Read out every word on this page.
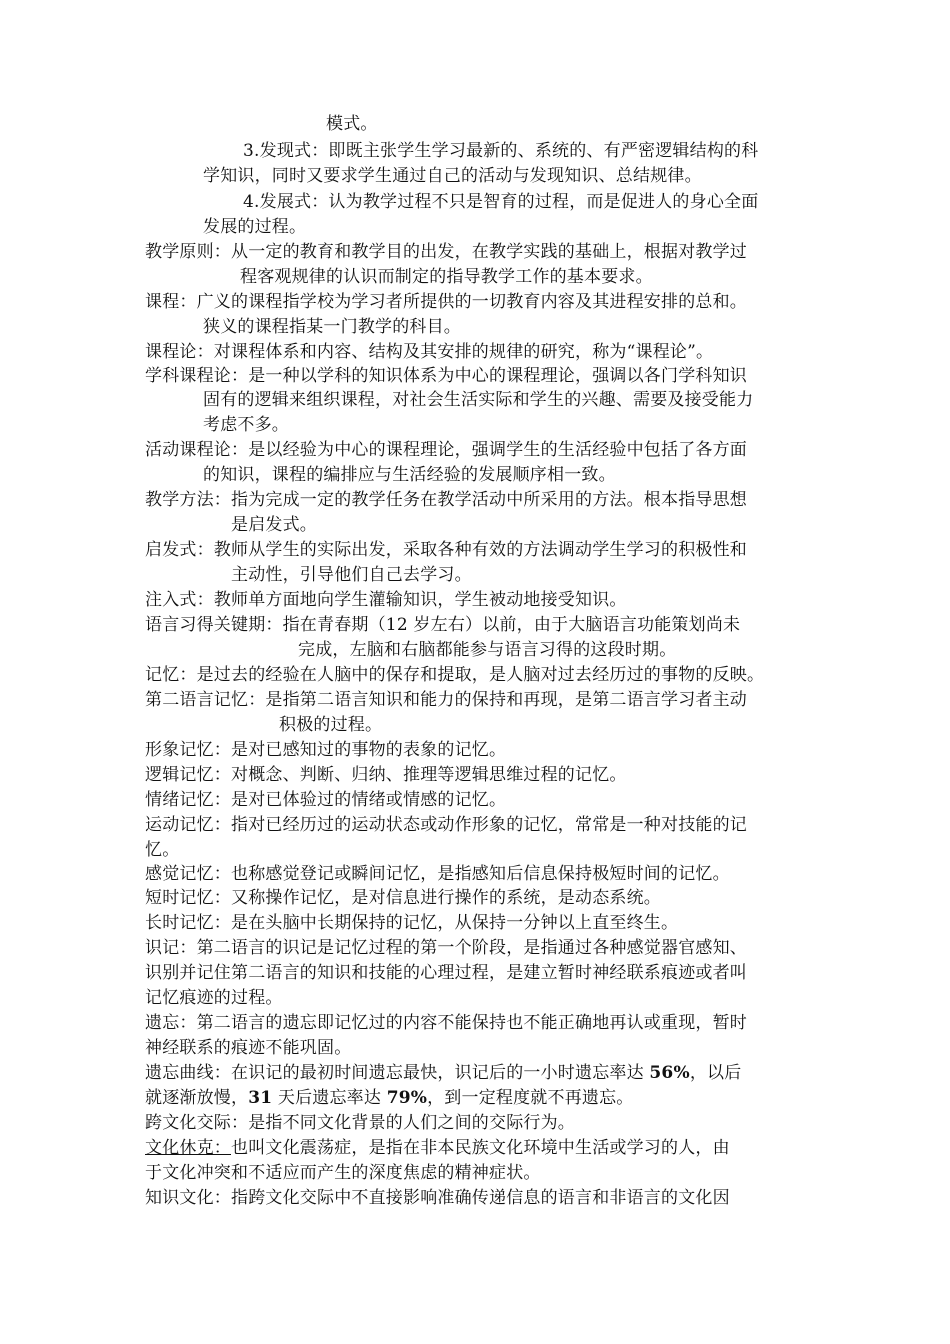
模式。
3.发现式：即既主张学生学习最新的、系统的、有严密逻辑结构的科
学知识，同时又要求学生通过自己的活动与发现知识、总结规律。
4.发展式：认为教学过程不只是智育的过程，而是促进人的身心全面
发展的过程。
教学原则：从一定的教育和教学目的出发，在教学实践的基础上，根据对教学过
程客观规律的认识而制定的指导教学工作的基本要求。
课程：广义的课程指学校为学习者所提供的一切教育内容及其进程安排的总和。
狭义的课程指某一门教学的科目。
课程论：对课程体系和内容、结构及其安排的规律的研究，称为“课程论”。
学科课程论：是一种以学科的知识体系为中心的课程理论，强调以各门学科知识
固有的逻辑来组织课程，对社会生活实际和学生的兴趣、需要及接受能力
考虑不多。
活动课程论：是以经验为中心的课程理论，强调学生的生活经验中包括了各方面
的知识，课程的编排应与生活经验的发展顺序相一致。
教学方法：指为完成一定的教学任务在教学活动中所采用的方法。根本指导思想
是启发式。
启发式：教师从学生的实际出发，采取各种有效的方法调动学生学习的积极性和
主动性，引导他们自己去学习。
注入式：教师单方面地向学生灌输知识，学生被动地接受知识。
语言习得关键期：指在青春期（12 岁左右）以前，由于大脑语言功能策划尚未
完成，左脑和右脑都能参与语言习得的这段时期。
记忆：是过去的经验在人脑中的保存和提取，是人脑对过去经历过的事物的反映。
第二语言记忆：是指第二语言知识和能力的保持和再现，是第二语言学习者主动
积极的过程。
形象记忆：是对已感知过的事物的表象的记忆。
逻辑记忆：对概念、判断、归纳、推理等逻辑思维过程的记忆。
情绪记忆：是对已体验过的情绪或情感的记忆。
运动记忆：指对已经历过的运动状态或动作形象的记忆，常常是一种对技能的记
忆。
感觉记忆：也称感觉登记或瞬间记忆，是指感知后信息保持极短时间的记忆。
短时记忆：又称操作记忆，是对信息进行操作的系统，是动态系统。
长时记忆：是在头脑中长期保持的记忆，从保持一分钟以上直至终生。
识记：第二语言的识记是记忆过程的第一个阶段，是指通过各种感觉器官感知、
识别并记住第二语言的知识和技能的心理过程，是建立暂时神经联系痕迹或者叫
记忆痕迹的过程。
遗忘：第二语言的遗忘即记忆过的内容不能保持也不能正确地再认或重现，暂时
神经联系的痕迹不能巩固。
遗忘曲线：在识记的最初时间遗忘最快，识记后的一小时遗忘率达 56%，以后
就逐渐放慢，31 天后遗忘率达 79%，到一定程度就不再遗忘。
跨文化交际：是指不同文化背景的人们之间的交际行为。
文化休克：也叫文化震荡症，是指在非本民族文化环境中生活或学习的人，由
于文化冲突和不适应而产生的深度焦虑的精神症状。
知识文化：指跨文化交际中不直接影响准确传递信息的语言和非语言的文化因
